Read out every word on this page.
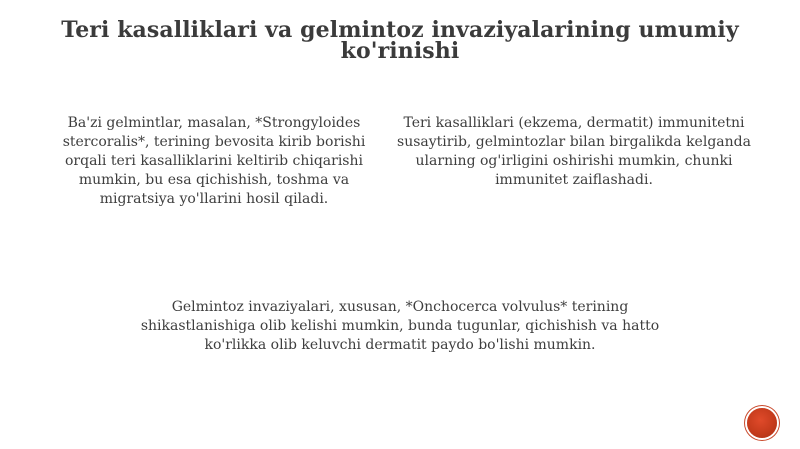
Teri kasalliklari va gelmintoz invaziyalarining umumiy ko'rinishi
Ba'zi gelmintlar, masalan, *Strongyloides stercoralis*, terining bevosita kirib borishi orqali teri kasalliklarini keltirib chiqarishi mumkin, bu esa qichishish, toshma va migratsiya yo'llarini hosil qiladi.
Teri kasalliklari (ekzema, dermatit) immunitetni susaytirib, gelmintozlar bilan birgalikda kelganda ularning og'irligini oshirishi mumkin, chunki immunitet zaiflashadi.
Gelmintoz invaziyalari, xususan, *Onchocerca volvulus* terining shikastlanishiga olib kelishi mumkin, bunda tugunlar, qichishish va hatto ko'rlikka olib keluvchi dermatit paydo bo'lishi mumkin.
